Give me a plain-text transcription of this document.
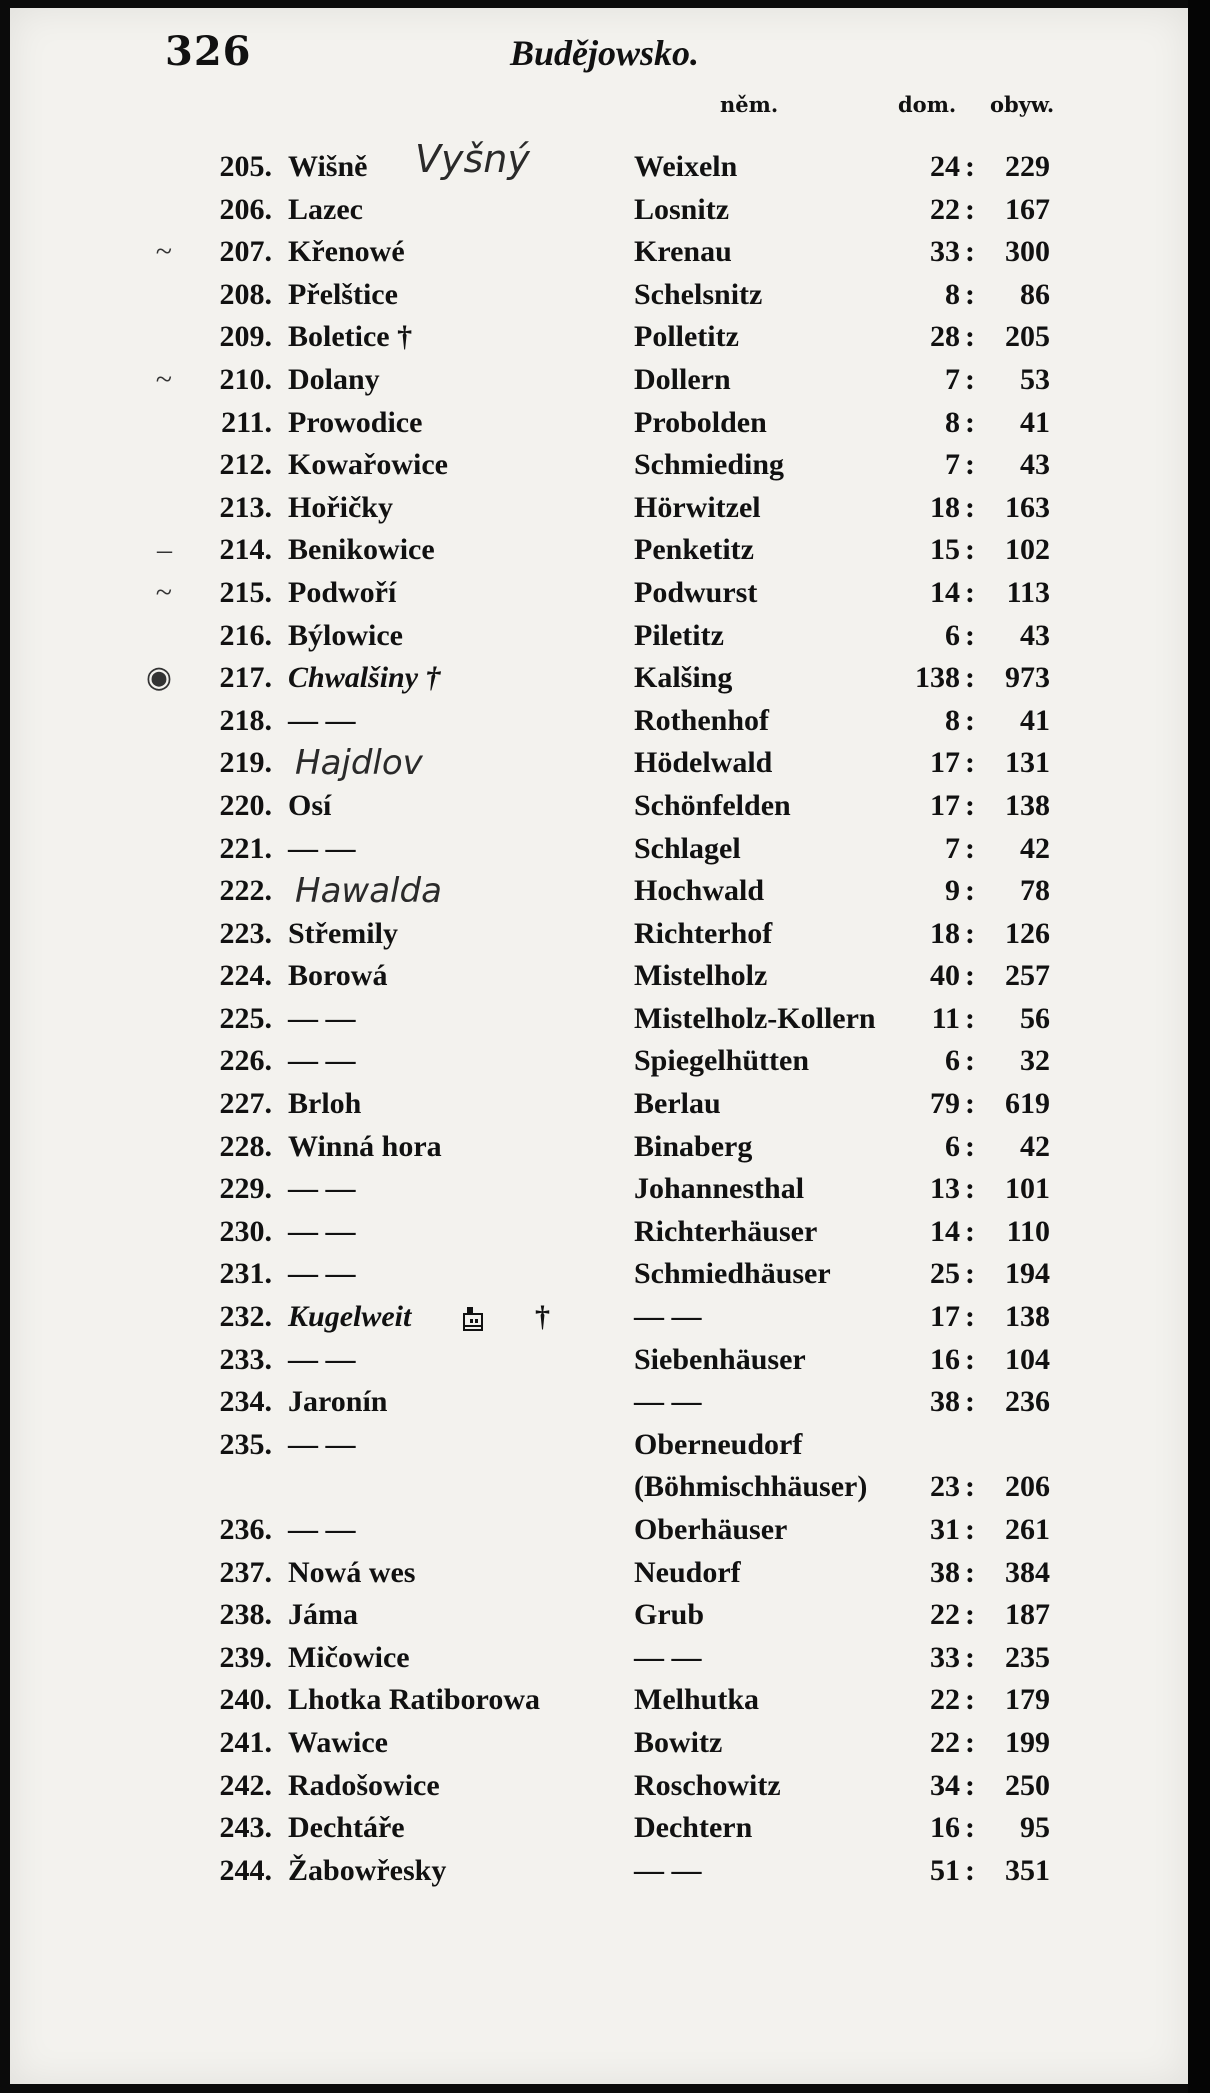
326	Budějowsko.
něm.	dom. obyw.
205. Wišně Vyšný	Weixeln	24 :	229
206. Lazec	Losnitz	22 :	167
~	207. Křenowé	Krenau	33 :	300
208. Přelštice	Schelsnitz	8 :	86
209. Boletice †	Polletitz	28 :	205
~	210. Dolany	Dollern	7 :	53
211. Prowodice	Probolden	8 :	41
212. Kowařowice	Schmieding	7 :	43
213. Hořičky	Hörwitzel	18 :	163
–	214. Benikowice	Penketitz	15 :	102
~	215. Podwoří	Podwurst	14 :	113
216. Býlowice	Piletitz	6 :	43
◉	217. Chwalšiny †	Kalšing	138 :	973
218. — —	Rothenhof	8 :	41
219. Hajdlov	Hödelwald	17 :	131
220. Osí	Schönfelden	17 :	138
221. — —	Schlagel	7 :	42
222. Hawalda	Hochwald	9 :	78
223. Střemily	Richterhof	18 :	126
224. Borowá	Mistelholz	40 :	257
225. — —	Mistelholz-Kollern	11 :	56
226. — —	Spiegelhütten	6 :	32
227. Brloh	Berlau	79 :	619
228. Winná hora	Binaberg	6 :	42
229. — —	Johannesthal	13 :	101
230. — —	Richterhäuser	14 :	110
231. — —	Schmiedhäuser	25 :	194
232. Kugelweit	†	— —	17 :	138
233. — —	Siebenhäuser	16 :	104
234. Jaronín	— —	38 :	236
235. — —	Oberneudorf
(Böhmischhäuser)	23 :	206
236. — —	Oberhäuser	31 :	261
237. Nowá wes	Neudorf	38 :	384
238. Jáma	Grub	22 :	187
239. Mičowice	— —	33 :	235
240. Lhotka Ratiborowa	Melhutka	22 :	179
241. Wawice	Bowitz	22 :	199
242. Radošowice	Roschowitz	34 :	250
243. Dechtáře	Dechtern	16 :	95
244. Žabowřesky	— —	51 :	351
